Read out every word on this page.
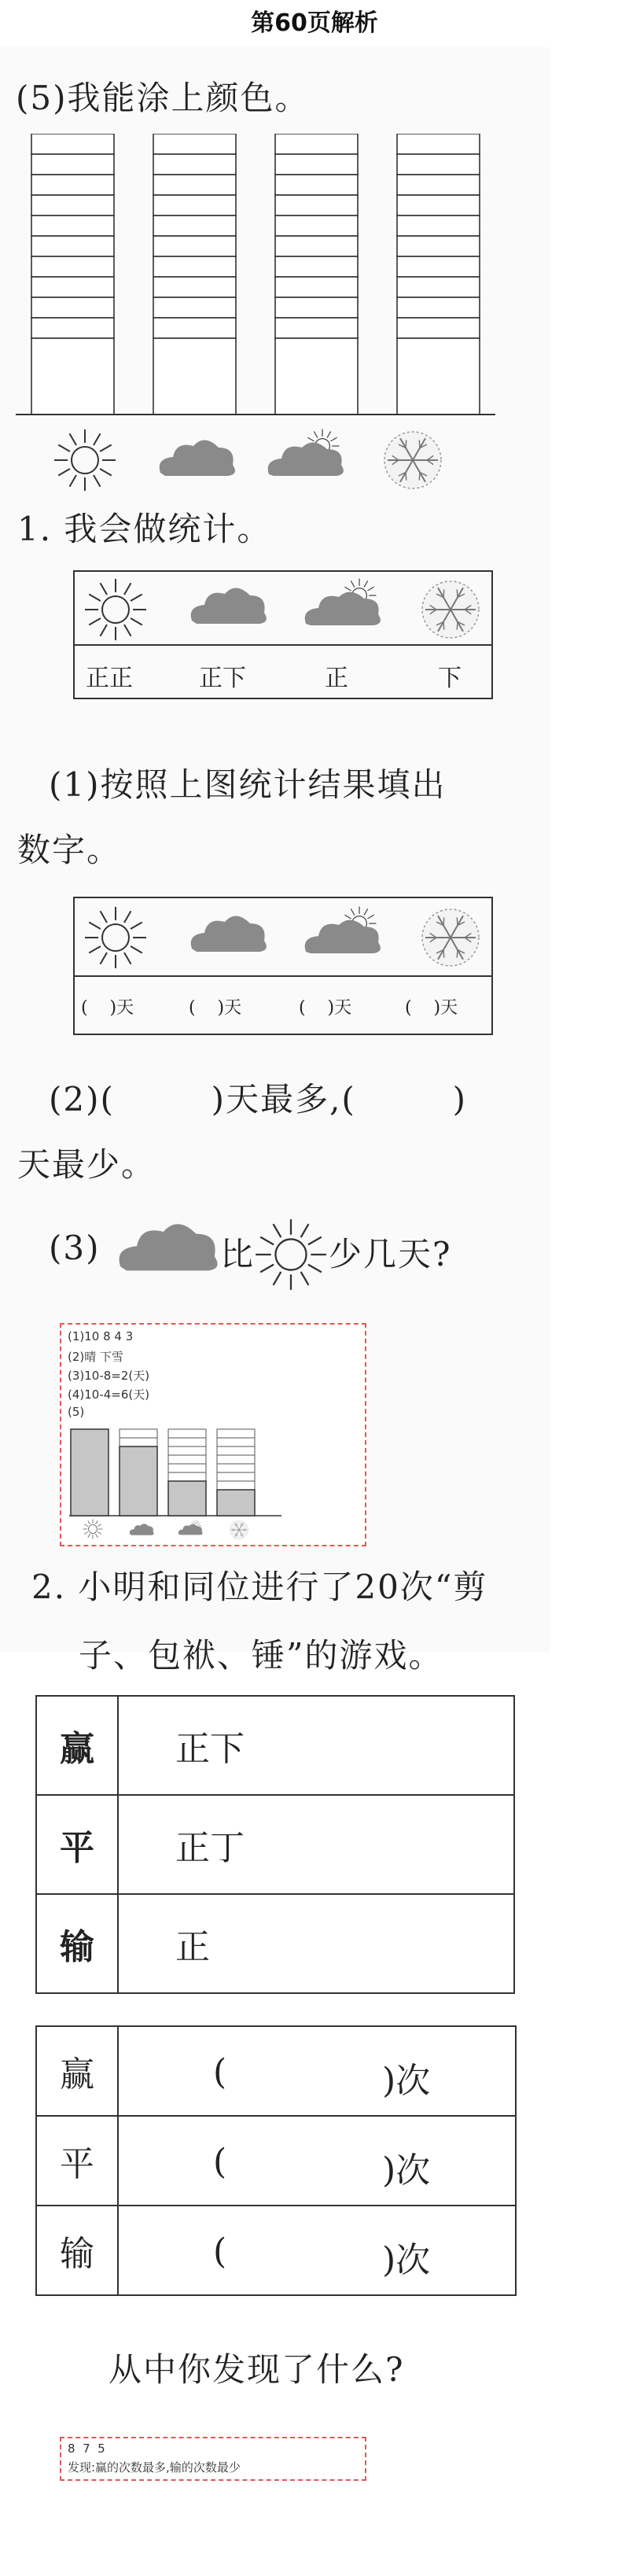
第60页解析
(5)我能涂上颜色。
1. 我会做统计。
正正	正下	正	下
(1)按照上图统计结果填出
数字。
(    )天	(    )天	(    )天	(    )天
(2)(        )天最多,(        )
天最少。
(3)	比 少几天?
(1)10 8 4 3
(2)晴 下雪
(3)10-8=2(天)
(4)10-4=6(天)
(5)
2. 小明和同位进行了20次“剪
子、包袱、锤”的游戏。
赢	正下
平	正丁
输	正
赢	( )次

平	( )次

输	( )次
从中你发现了什么?
8  7  5
发现:赢的次数最多,输的次数最少
